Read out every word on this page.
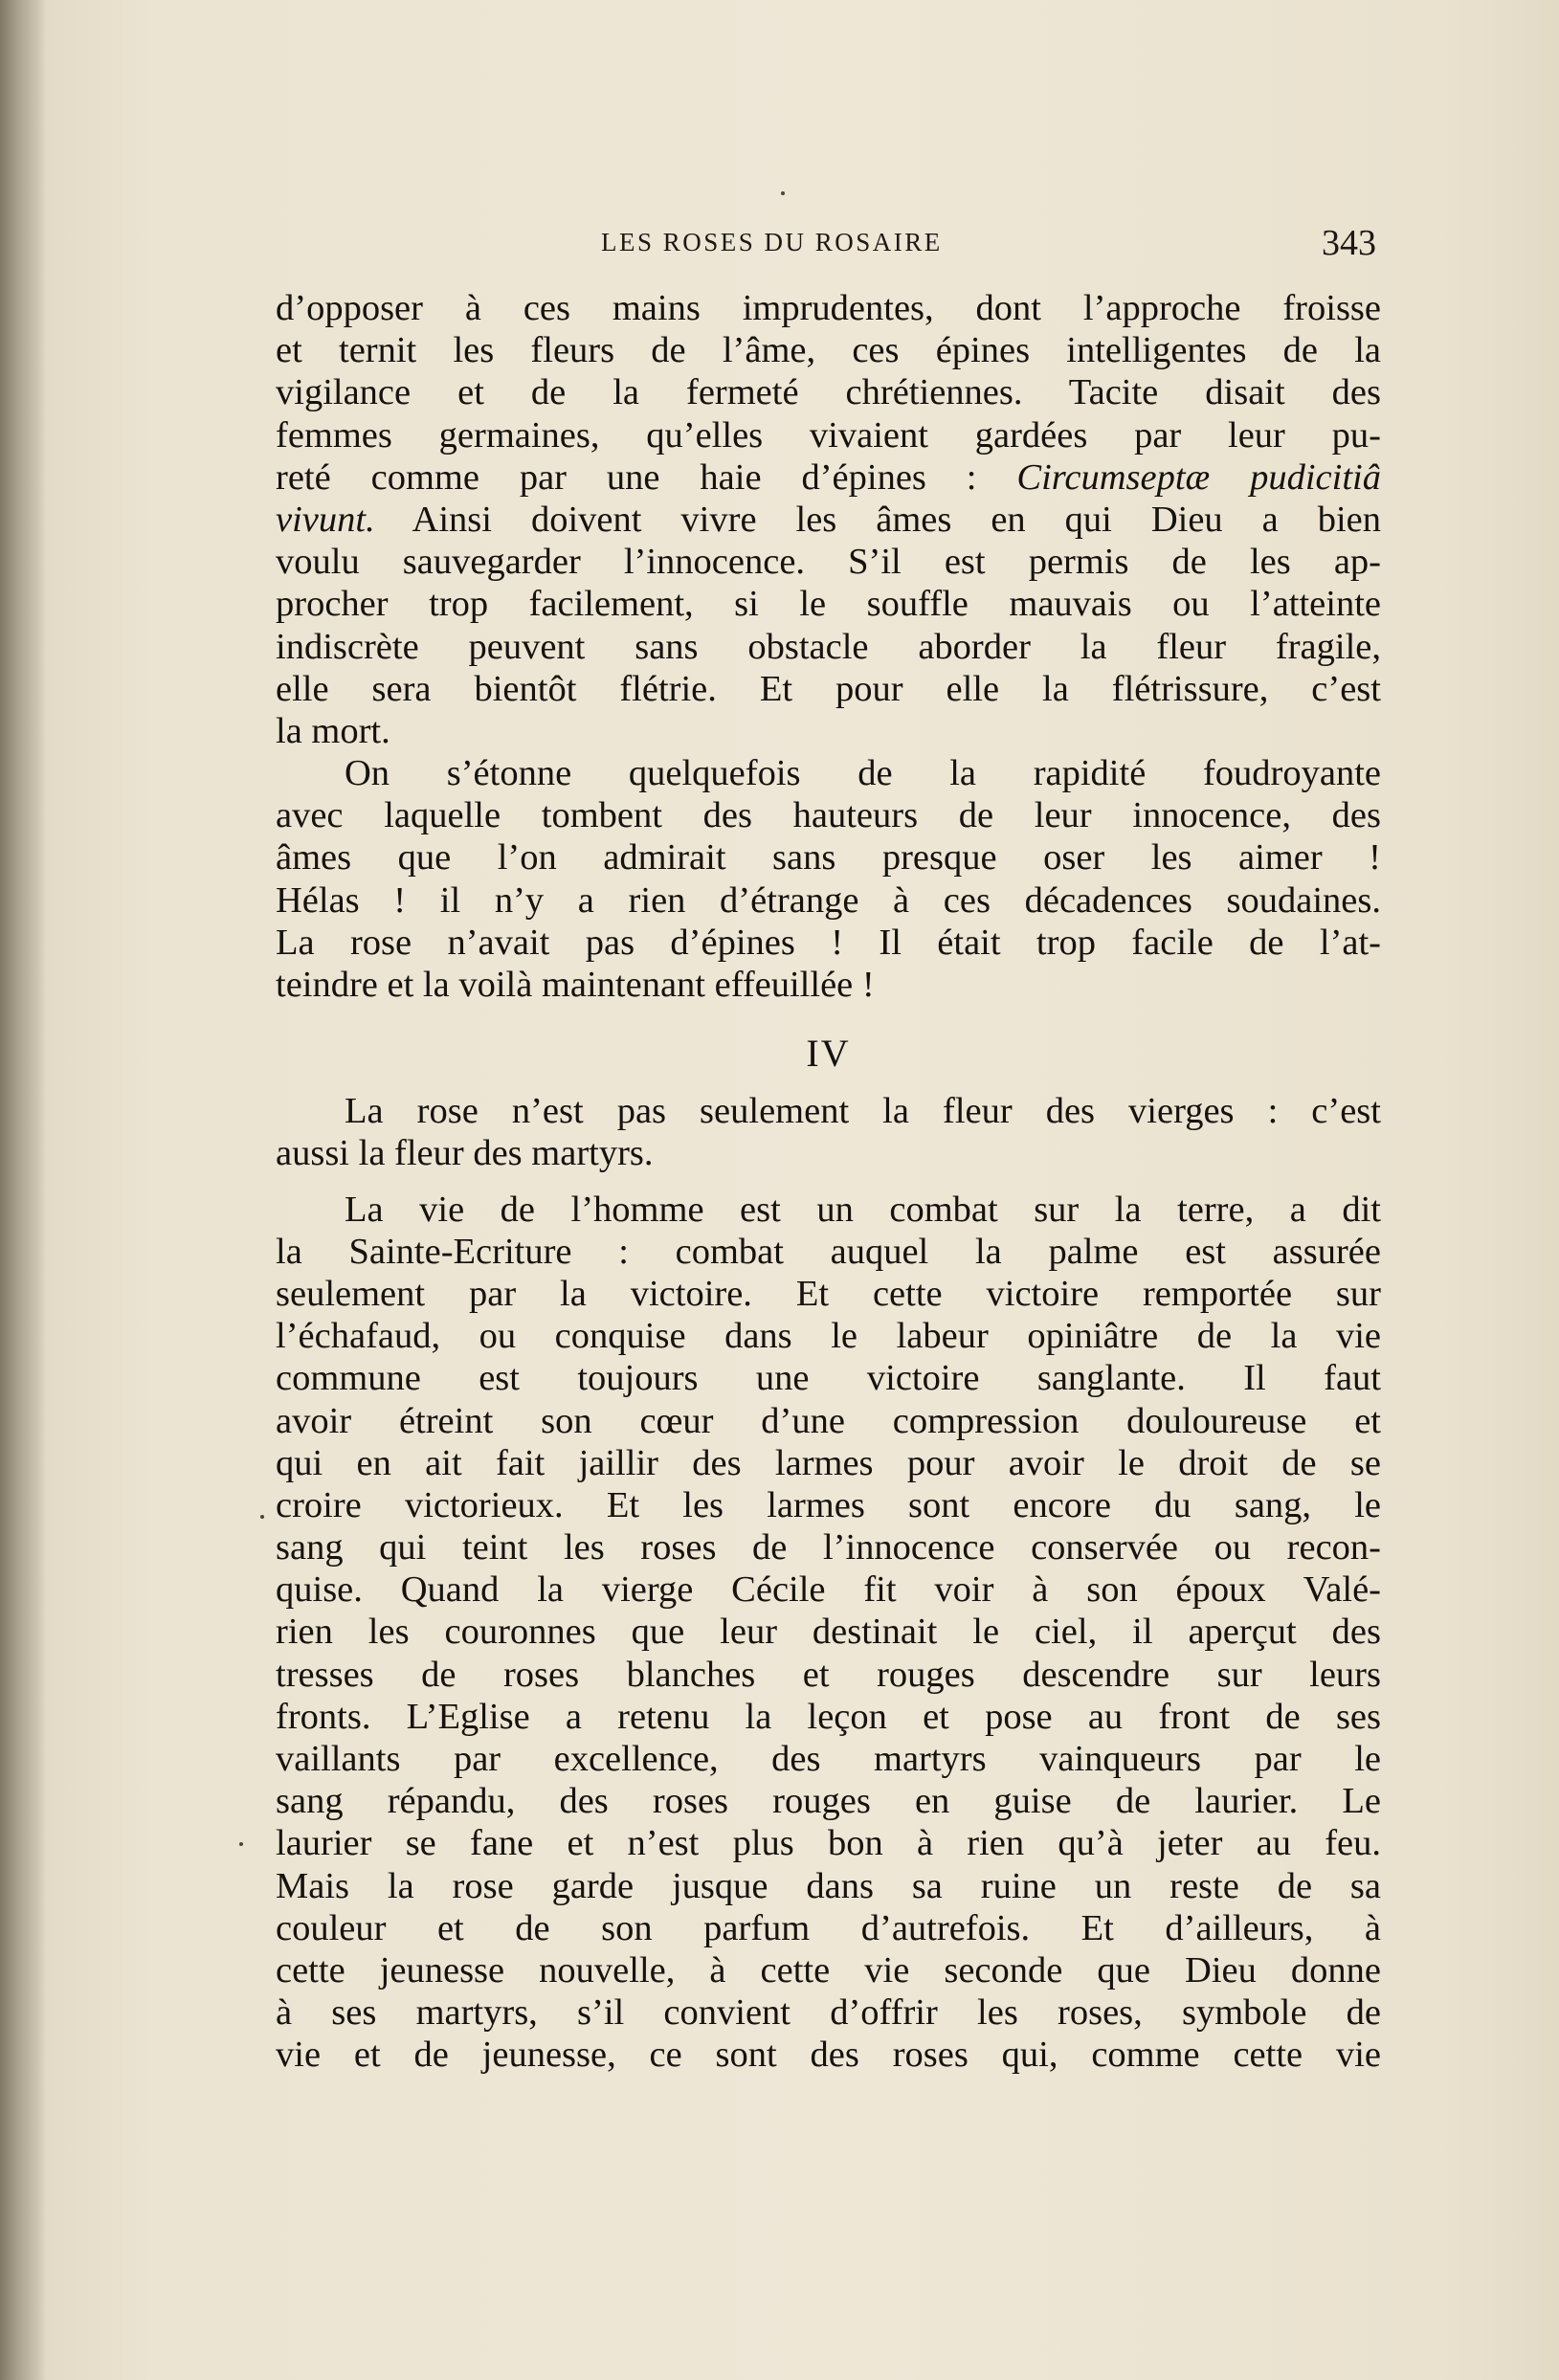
LES ROSES DU ROSAIRE	343
d’opposer à ces mains imprudentes, dont l’approche froisse
et ternit les fleurs de l’âme, ces épines intelligentes de la
vigilance et de la fermeté chrétiennes. Tacite disait des
femmes germaines, qu’elles vivaient gardées par leur pu-
reté comme par une haie d’épines : Circumseptæ pudicitiâ
vivunt. Ainsi doivent vivre les âmes en qui Dieu a bien
voulu sauvegarder l’innocence. S’il est permis de les ap-
procher trop facilement, si le souffle mauvais ou l’atteinte
indiscrète peuvent sans obstacle aborder la fleur fragile,
elle sera bientôt flétrie. Et pour elle la flétrissure, c’est
la mort.
On s’étonne quelquefois de la rapidité foudroyante
avec laquelle tombent des hauteurs de leur innocence, des
âmes que l’on admirait sans presque oser les aimer !
Hélas ! il n’y a rien d’étrange à ces décadences soudaines.
La rose n’avait pas d’épines ! Il était trop facile de l’at-
teindre et la voilà maintenant effeuillée !
IV
La rose n’est pas seulement la fleur des vierges : c’est
aussi la fleur des martyrs.
La vie de l’homme est un combat sur la terre, a dit
la Sainte-Ecriture : combat auquel la palme est assurée
seulement par la victoire. Et cette victoire remportée sur
l’échafaud, ou conquise dans le labeur opiniâtre de la vie
commune est toujours une victoire sanglante. Il faut
avoir étreint son cœur d’une compression douloureuse et
qui en ait fait jaillir des larmes pour avoir le droit de se
croire victorieux. Et les larmes sont encore du sang, le
sang qui teint les roses de l’innocence conservée ou recon-
quise. Quand la vierge Cécile fit voir à son époux Valé-
rien les couronnes que leur destinait le ciel, il aperçut des
tresses de roses blanches et rouges descendre sur leurs
fronts. L’Eglise a retenu la leçon et pose au front de ses
vaillants par excellence, des martyrs vainqueurs par le
sang répandu, des roses rouges en guise de laurier. Le
laurier se fane et n’est plus bon à rien qu’à jeter au feu.
Mais la rose garde jusque dans sa ruine un reste de sa
couleur et de son parfum d’autrefois. Et d’ailleurs, à
cette jeunesse nouvelle, à cette vie seconde que Dieu donne
à ses martyrs, s’il convient d’offrir les roses, symbole de
vie et de jeunesse, ce sont des roses qui, comme cette vie
